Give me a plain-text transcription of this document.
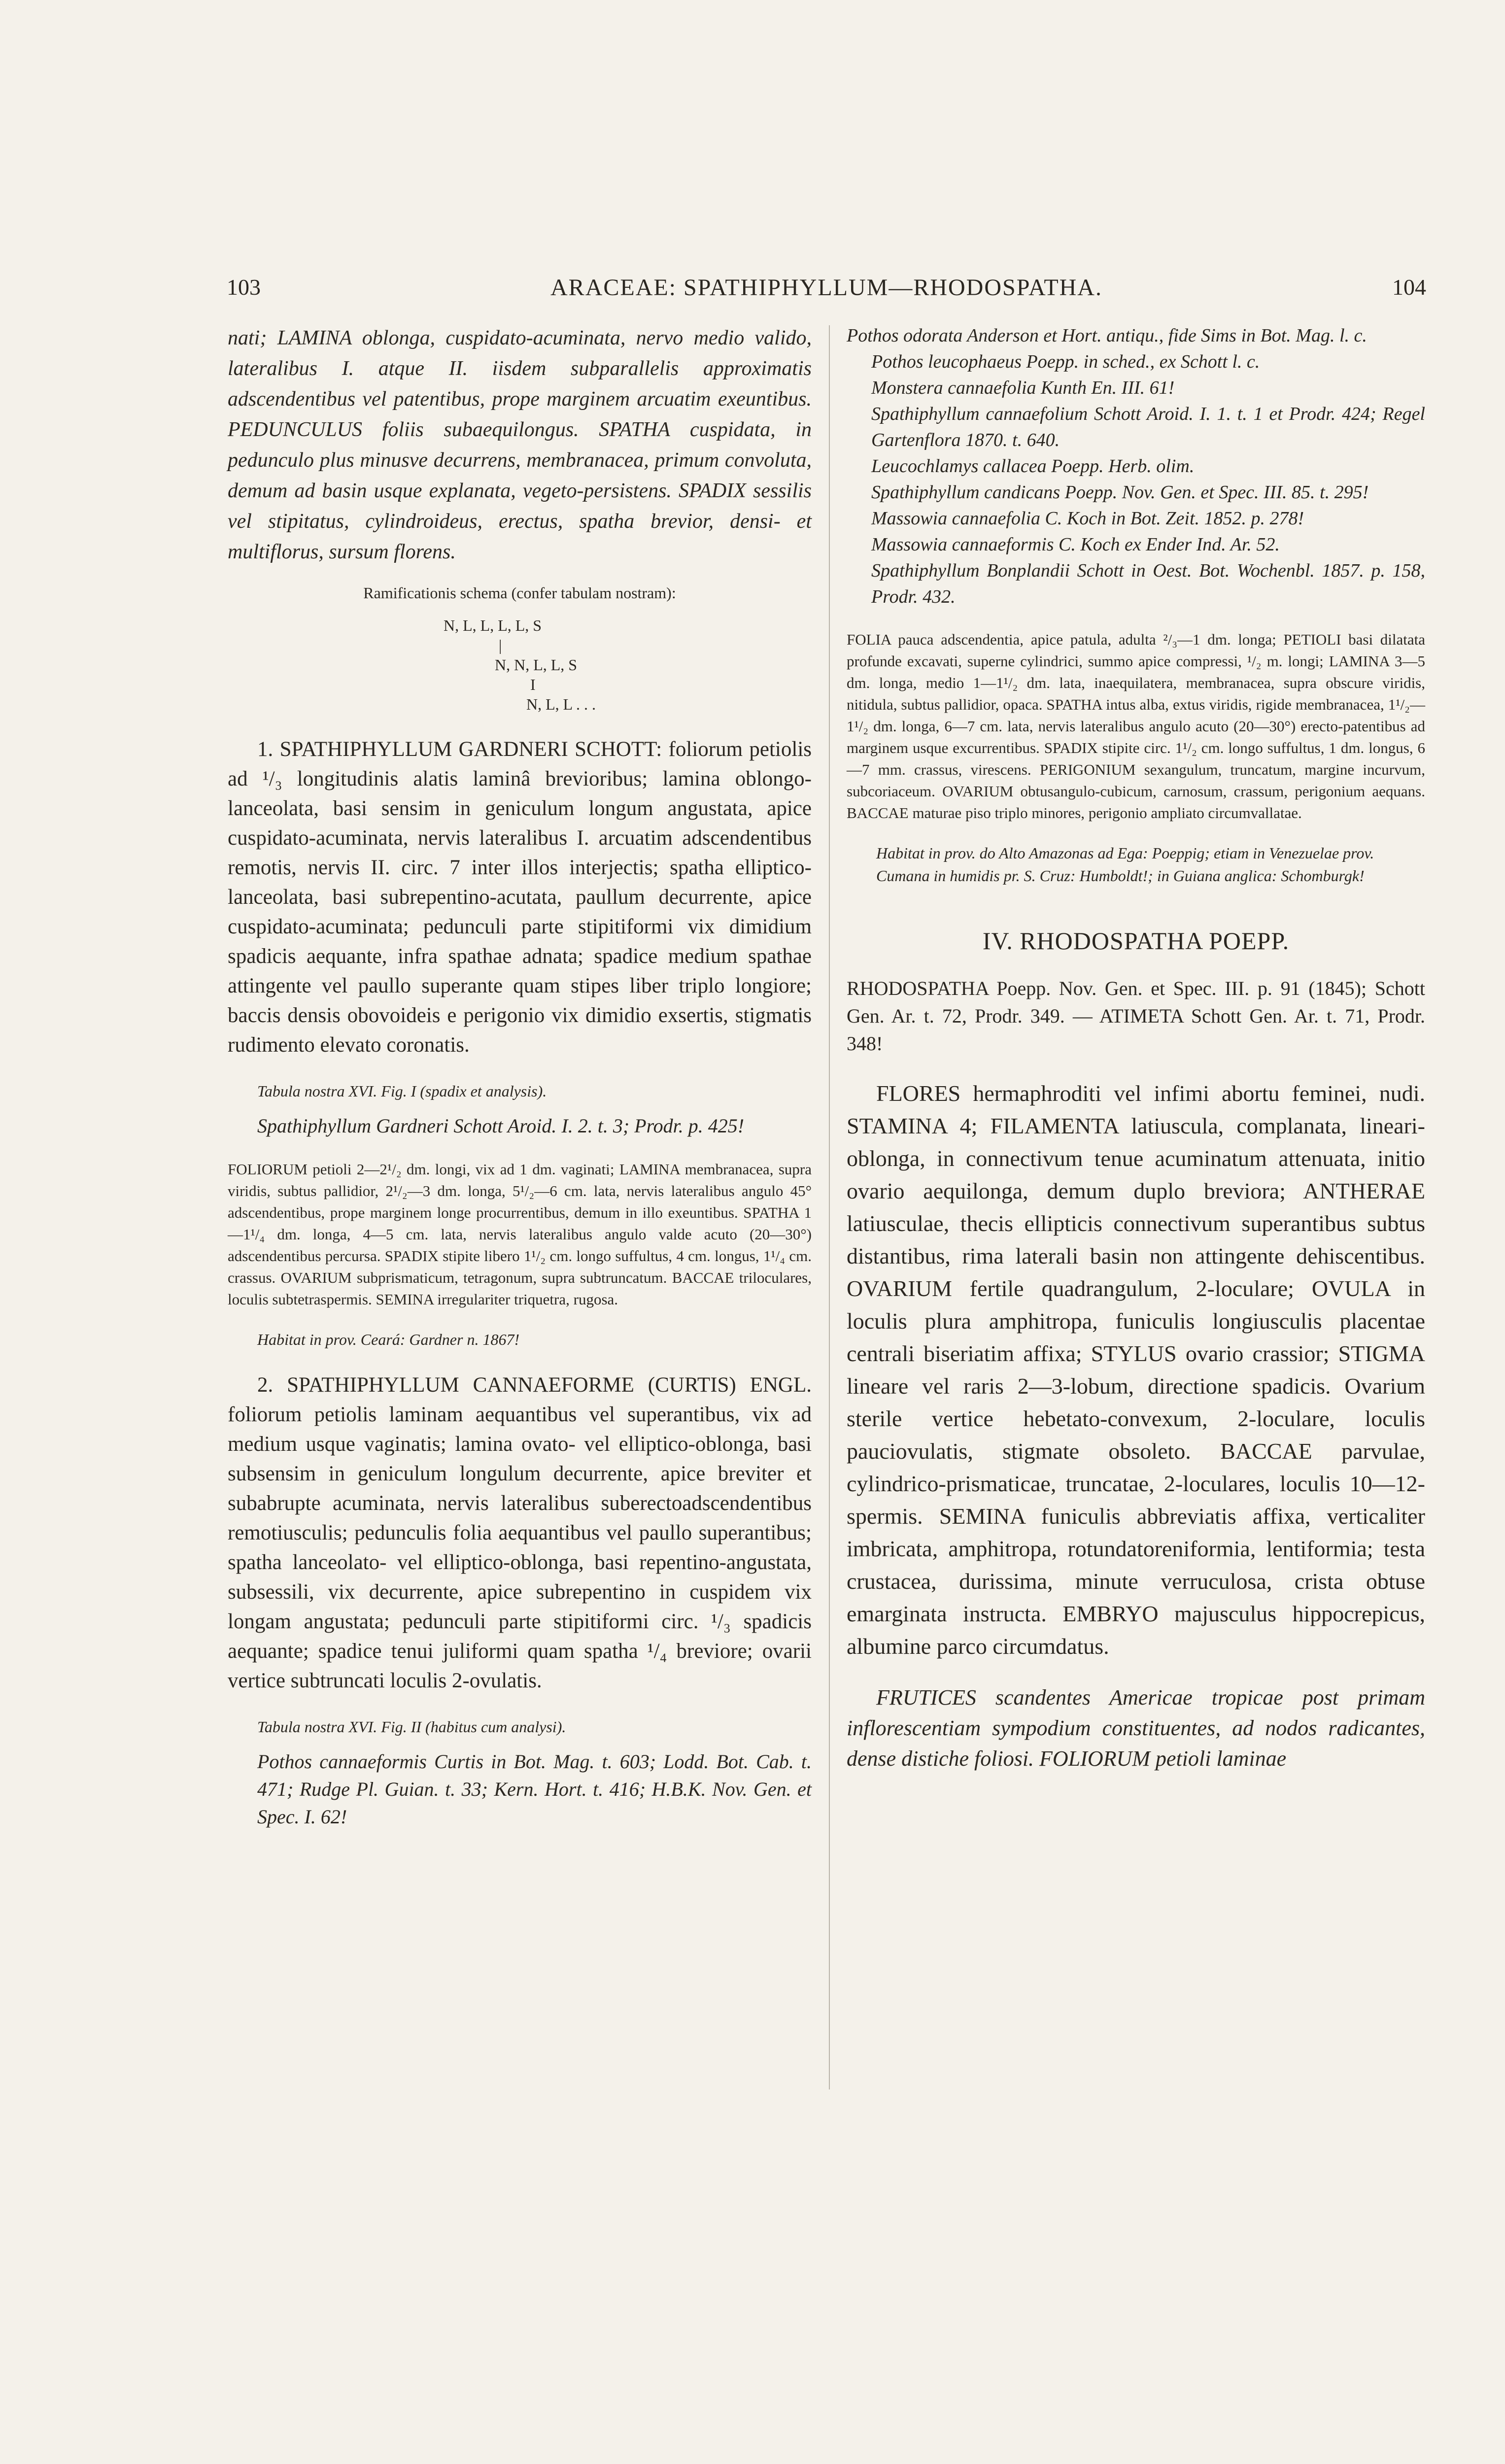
103	ARACEAE: SPATHIPHYLLUM—RHODOSPATHA.	104

nati; LAMINA oblonga, cuspidato-acuminata, nervo medio valido, lateralibus I. atque II. iisdem subparallelis approximatis adscendentibus vel patentibus, prope marginem arcuatim exeuntibus. PEDUNCULUS foliis subaequilongus. SPATHA cuspidata, in pedunculo plus minusve decurrens, membranacea, primum convoluta, demum ad basin usque explanata, vegeto-persistens. SPADIX sessilis vel stipitatus, cylindroideus, erectus, spatha brevior, densi- et multiflorus, sursum florens.

Ramificationis schema (confer tabulam nostram):
N, L, L, L, L, S
|
N, N, L, L, S
I
N, L, L . . .

1. SPATHIPHYLLUM GARDNERI SCHOTT: foliorum petiolis ad ¹/₃ longitudinis alatis laminâ brevioribus; lamina oblongo-lanceolata, basi sensim in geniculum longum angustata, apice cuspidato-acuminata, nervis lateralibus I. arcuatim adscendentibus remotis, nervis II. circ. 7 inter illos interjectis; spatha elliptico-lanceolata, basi subrepentino-acutata, paullum decurrente, apice cuspidato-acuminata; pedunculi parte stipitiformi vix dimidium spadicis aequante, infra spathae adnata; spadice medium spathae attingente vel paullo superante quam stipes liber triplo longiore; baccis densis obovoideis e perigonio vix dimidio exsertis, stigmatis rudimento elevato coronatis.

Tabula nostra XVI. Fig. I (spadix et analysis).

Spathiphyllum Gardneri Schott Aroid. I. 2. t. 3; Prodr. p. 425!

FOLIORUM petioli 2—2¹/₂ dm. longi, vix ad 1 dm. vaginati; LAMINA membranacea, supra viridis, subtus pallidior, 2¹/₂—3 dm. longa, 5¹/₂—6 cm. lata, nervis lateralibus angulo 45° adscendentibus, prope marginem longe procurrentibus, demum in illo exeuntibus. SPATHA 1—1¹/₄ dm. longa, 4—5 cm. lata, nervis lateralibus angulo valde acuto (20—30°) adscendentibus percursa. SPADIX stipite libero 1¹/₂ cm. longo suffultus, 4 cm. longus, 1¹/₄ cm. crassus. OVARIUM subprismaticum, tetragonum, supra subtruncatum. BACCAE triloculares, loculis subtetraspermis. SEMINA irregulariter triquetra, rugosa.

Habitat in prov. Ceará: Gardner n. 1867!

2. SPATHIPHYLLUM CANNAEFORME (CURTIS) ENGL. foliorum petiolis laminam aequantibus vel superantibus, vix ad medium usque vaginatis; lamina ovato- vel elliptico-oblonga, basi subsensim in geniculum longulum decurrente, apice breviter et subabrupte acuminata, nervis lateralibus suberectoadscendentibus remotiusculis; pedunculis folia aequantibus vel paullo superantibus; spatha lanceolato- vel elliptico-oblonga, basi repentino-angustata, subsessili, vix decurrente, apice subrepentino in cuspidem vix longam angustata; pedunculi parte stipitiformi circ. ¹/₃ spadicis aequante; spadice tenui juliformi quam spatha ¹/₄ breviore; ovarii vertice subtruncati loculis 2-ovulatis.

Tabula nostra XVI. Fig. II (habitus cum analysi).

Pothos cannaeformis Curtis in Bot. Mag. t. 603; Lodd. Bot. Cab. t. 471; Rudge Pl. Guian. t. 33; Kern. Hort. t. 416; H.B.K. Nov. Gen. et Spec. I. 62!

Pothos odorata Anderson et Hort. antiqu., fide Sims in Bot. Mag. l. c.

Pothos leucophaeus Poepp. in sched., ex Schott l. c.

Monstera cannaefolia Kunth En. III. 61!

Spathiphyllum cannaefolium Schott Aroid. I. 1. t. 1 et Prodr. 424; Regel Gartenflora 1870. t. 640.

Leucochlamys callacea Poepp. Herb. olim.

Spathiphyllum candicans Poepp. Nov. Gen. et Spec. III. 85. t. 295!

Massowia cannaefolia C. Koch in Bot. Zeit. 1852. p. 278!

Massowia cannaeformis C. Koch ex Ender Ind. Ar. 52.

Spathiphyllum Bonplandii Schott in Oest. Bot. Wochenbl. 1857. p. 158, Prodr. 432.

FOLIA pauca adscendentia, apice patula, adulta ²/₃—1 dm. longa; PETIOLI basi dilatata profunde excavati, superne cylindrici, summo apice compressi, ¹/₂ m. longi; LAMINA 3—5 dm. longa, medio 1—1¹/₂ dm. lata, inaequilatera, membranacea, supra obscure viridis, nitidula, subtus pallidior, opaca. SPATHA intus alba, extus viridis, rigide membranacea, 1¹/₂—1¹/₂ dm. longa, 6—7 cm. lata, nervis lateralibus angulo acuto (20—30°) erecto-patentibus ad marginem usque excurrentibus. SPADIX stipite circ. 1¹/₂ cm. longo suffultus, 1 dm. longus, 6—7 mm. crassus, virescens. PERIGONIUM sexangulum, truncatum, margine incurvum, subcoriaceum. OVARIUM obtusangulo-cubicum, carnosum, crassum, perigonium aequans. BACCAE maturae piso triplo minores, perigonio ampliato circumvallatae.

Habitat in prov. do Alto Amazonas ad Ega: Poeppig; etiam in Venezuelae prov. Cumana in humidis pr. S. Cruz: Humboldt!; in Guiana anglica: Schomburgk!
IV. RHODOSPATHA POEPP.

RHODOSPATHA Poepp. Nov. Gen. et Spec. III. p. 91 (1845); Schott Gen. Ar. t. 72, Prodr. 349. — ATIMETA Schott Gen. Ar. t. 71, Prodr. 348!

FLORES hermaphroditi vel infimi abortu feminei, nudi. STAMINA 4; FILAMENTA latiuscula, complanata, lineari-oblonga, in connectivum tenue acuminatum attenuata, initio ovario aequilonga, demum duplo breviora; ANTHERAE latiusculae, thecis ellipticis connectivum superantibus subtus distantibus, rima laterali basin non attingente dehiscentibus. OVARIUM fertile quadrangulum, 2-loculare; OVULA in loculis plura amphitropa, funiculis longiusculis placentae centrali biseriatim affixa; STYLUS ovario crassior; STIGMA lineare vel raris 2—3-lobum, directione spadicis. Ovarium sterile vertice hebetato-convexum, 2-loculare, loculis pauciovulatis, stigmate obsoleto. BACCAE parvulae, cylindrico-prismaticae, truncatae, 2-loculares, loculis 10—12-spermis. SEMINA funiculis abbreviatis affixa, verticaliter imbricata, amphitropa, rotundatoreniformia, lentiformia; testa crustacea, durissima, minute verruculosa, crista obtuse emarginata instructa. EMBRYO majusculus hippocrepicus, albumine parco circumdatus.

FRUTICES scandentes Americae tropicae post primam inflorescentiam sympodium constituentes, ad nodos radicantes, dense distiche foliosi. FOLIORUM petioli laminae
